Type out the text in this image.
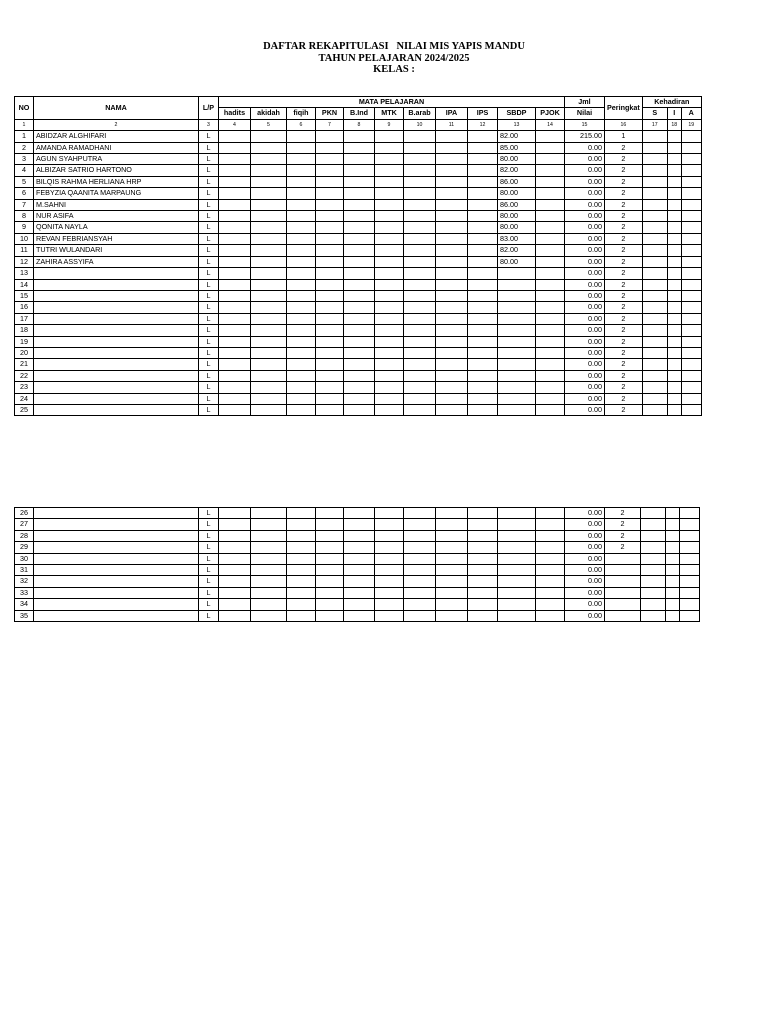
DAFTAR REKAPITULASI   NILAI MIS YAPIS MANDU
TAHUN PELAJARAN 2024/2025
KELAS :
NO	NAMA	L/P	MATA PELAJARAN											Jml	Peringkat	Kehadiran		
			hadits	akidah	fiqih	PKN	B.Ind	MTK	B.arab	IPA	IPS	SBDP	PJOK	Nilai		S	I	A
1	2	3	4	5	6	7	8	9	10	11	12	13	14	15	16	17	18	19
1	ABIDZAR ALGHIFARI	L										82.00		215.00	1			
2	AMANDA RAMADHANI	L										85.00		0.00	2			
3	AGUN SYAHPUTRA	L										80.00		0.00	2			
4	ALBIZAR SATRIO HARTONO	L										82.00		0.00	2			
5	BILQIS RAHMA HERLIANA HRP	L										86.00		0.00	2			
6	FEBYZIA QAANITA MARPAUNG	L										80.00		0.00	2			
7	M.SAHNI	L										86.00		0.00	2			
8	NUR ASIFA	L										80.00		0.00	2			
9	QONITA NAYLA	L										80.00		0.00	2			
10	REVAN FEBRIANSYAH	L										83.00		0.00	2			
11	TUTRI WULANDARI	L										82.00		0.00	2			
12	ZAHIRA ASSYIFA	L										80.00		0.00	2			
13		L												0.00	2			
14		L												0.00	2			
15		L												0.00	2			
16		L												0.00	2			
17		L												0.00	2			
18		L												0.00	2			
19		L												0.00	2			
20		L												0.00	2			
21		L												0.00	2			
22		L												0.00	2			
23		L												0.00	2			
24		L												0.00	2			
25		L												0.00	2			
26		L												0.00	2			
27		L												0.00	2			
28		L												0.00	2			
29		L												0.00	2			
30		L												0.00				
31		L												0.00				
32		L												0.00				
33		L												0.00				
34		L												0.00				
35		L												0.00				
